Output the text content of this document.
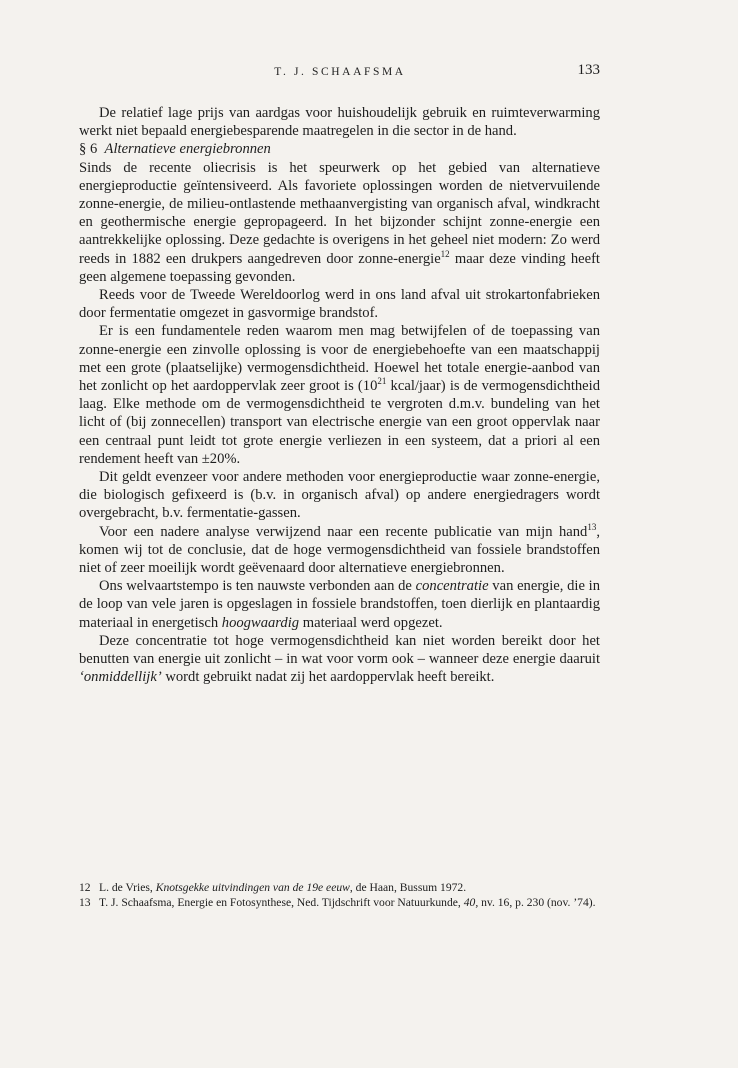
T. J. SCHAAFSMA	133

De relatief lage prijs van aardgas voor huishoudelijk gebruik en ruimteverwarming werkt niet bepaald energiebesparende maatregelen in die sector in de hand.

§ 6 Alternatieve energiebronnen

Sinds de recente oliecrisis is het speurwerk op het gebied van alternatieve energieproductie geïntensiveerd. Als favoriete oplossingen worden de nietvervuilende zonne-energie, de milieu-ontlastende methaanvergisting van organisch afval, windkracht en geothermische energie gepropageerd. In het bijzonder schijnt zonne-energie een aantrekkelijke oplossing. Deze gedachte is overigens in het geheel niet modern: Zo werd reeds in 1882 een drukpers aangedreven door zonne-energie$^{12}$ maar deze vinding heeft geen algemene toepassing gevonden.

Reeds voor de Tweede Wereldoorlog werd in ons land afval uit strokartonfabrieken door fermentatie omgezet in gasvormige brandstof.

Er is een fundamentele reden waarom men mag betwijfelen of de toepassing van zonne-energie een zinvolle oplossing is voor de energiebehoefte van een maatschappij met een grote (plaatselijke) vermogensdichtheid. Hoewel het totale energie-aanbod van het zonlicht op het aardoppervlak zeer groot is ($10^{21}$ kcal/jaar) is de vermogensdichtheid laag. Elke methode om de vermogensdichtheid te vergroten d.m.v. bundeling van het licht of (bij zonnecellen) transport van electrische energie van een groot oppervlak naar een centraal punt leidt tot grote energie verliezen in een systeem, dat a priori al een rendement heeft van ±20%.

Dit geldt evenzeer voor andere methoden voor energieproductie waar zonne-energie, die biologisch gefixeerd is (b.v. in organisch afval) op andere energiedragers wordt overgebracht, b.v. fermentatie-gassen.

Voor een nadere analyse verwijzend naar een recente publicatie van mijn hand$^{13}$, komen wij tot de conclusie, dat de hoge vermogensdichtheid van fossiele brandstoffen niet of zeer moeilijk wordt geëvenaard door alternatieve energiebronnen.

Ons welvaartstempo is ten nauwste verbonden aan de concentratie van energie, die in de loop van vele jaren is opgeslagen in fossiele brandstoffen, toen dierlijk en plantaardig materiaal in energetisch hoogwaardig materiaal werd opgezet.

Deze concentratie tot hoge vermogensdichtheid kan niet worden bereikt door het benutten van energie uit zonlicht – in wat voor vorm ook – wanneer deze energie daaruit ‘onmiddellijk’ wordt gebruikt nadat zij het aardoppervlak heeft bereikt.

12 L. de Vries, Knotsgekke uitvindingen van de 19e eeuw, de Haan, Bussum 1972.

13 T. J. Schaafsma, Energie en Fotosynthese, Ned. Tijdschrift voor Natuurkunde, 40, nv. 16, p. 230 (nov. ’74).
